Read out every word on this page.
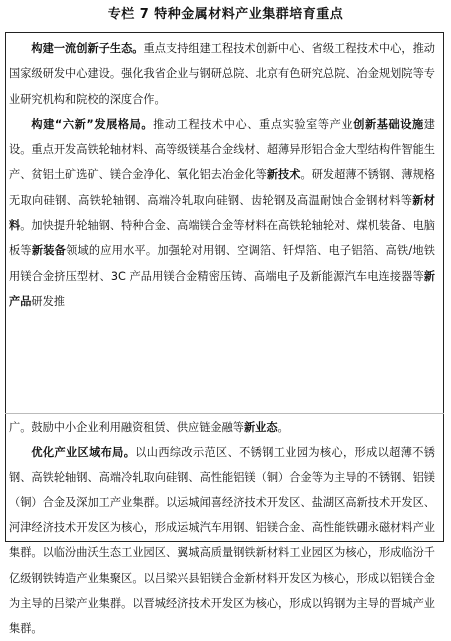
专栏 7 特种金属材料产业集群培育重点

构建一流创新子生态。重点支持组建工程技术创新中心、省级工程技术中心，推动国家级研发中心建设。强化我省企业与钢研总院、北京有色研究总院、冶金规划院等专业研究机构和院校的深度合作。

构建“六新”发展格局。推动工程技术中心、重点实验室等产业创新基础设施建设。重点开发高铁轮轴材料、高等级镁基合金线材、超薄异形铝合金大型结构件智能生产、贫铝土矿选矿、镁合金净化、氧化铝去冶金化等新技术。研发超薄不锈钢、薄规格无取向硅钢、高铁轮轴钢、高端冷轧取向硅钢、齿轮钢及高温耐蚀合金钢材料等新材料。加快提升轮轴钢、特种合金、高端镁合金等材料在高铁轮轴轮对、煤机装备、电脑板等新装备领域的应用水平。加强轮对用钢、空调箔、钎焊箔、电子铝箔、高铁/地铁用镁合金挤压型材、3C 产品用镁合金精密压铸、高端电子及新能源汽车电连接器等新产品研发推

广。鼓励中小企业利用融资租赁、供应链金融等新业态。

优化产业区域布局。以山西综改示范区、不锈钢工业园为核心，形成以超薄不锈钢、高铁轮轴钢、高端冷轧取向硅钢、高性能铝镁（铜）合金等为主导的不锈钢、铝镁（铜）合金及深加工产业集群。以运城闻喜经济技术开发区、盐湖区高新技术开发区、河津经济技术开发区为核心，形成运城汽车用钢、铝镁合金、高性能铁硼永磁材料产业集群。以临汾曲沃生态工业园区、翼城高质量钢铁新材料工业园区为核心，形成临汾千亿级钢铁铸造产业集聚区。以吕梁兴县铝镁合金新材料开发区为核心，形成以铝镁合金为主导的吕梁产业集群。以晋城经济技术开发区为核心，形成以钨钢为主导的晋城产业集群。
